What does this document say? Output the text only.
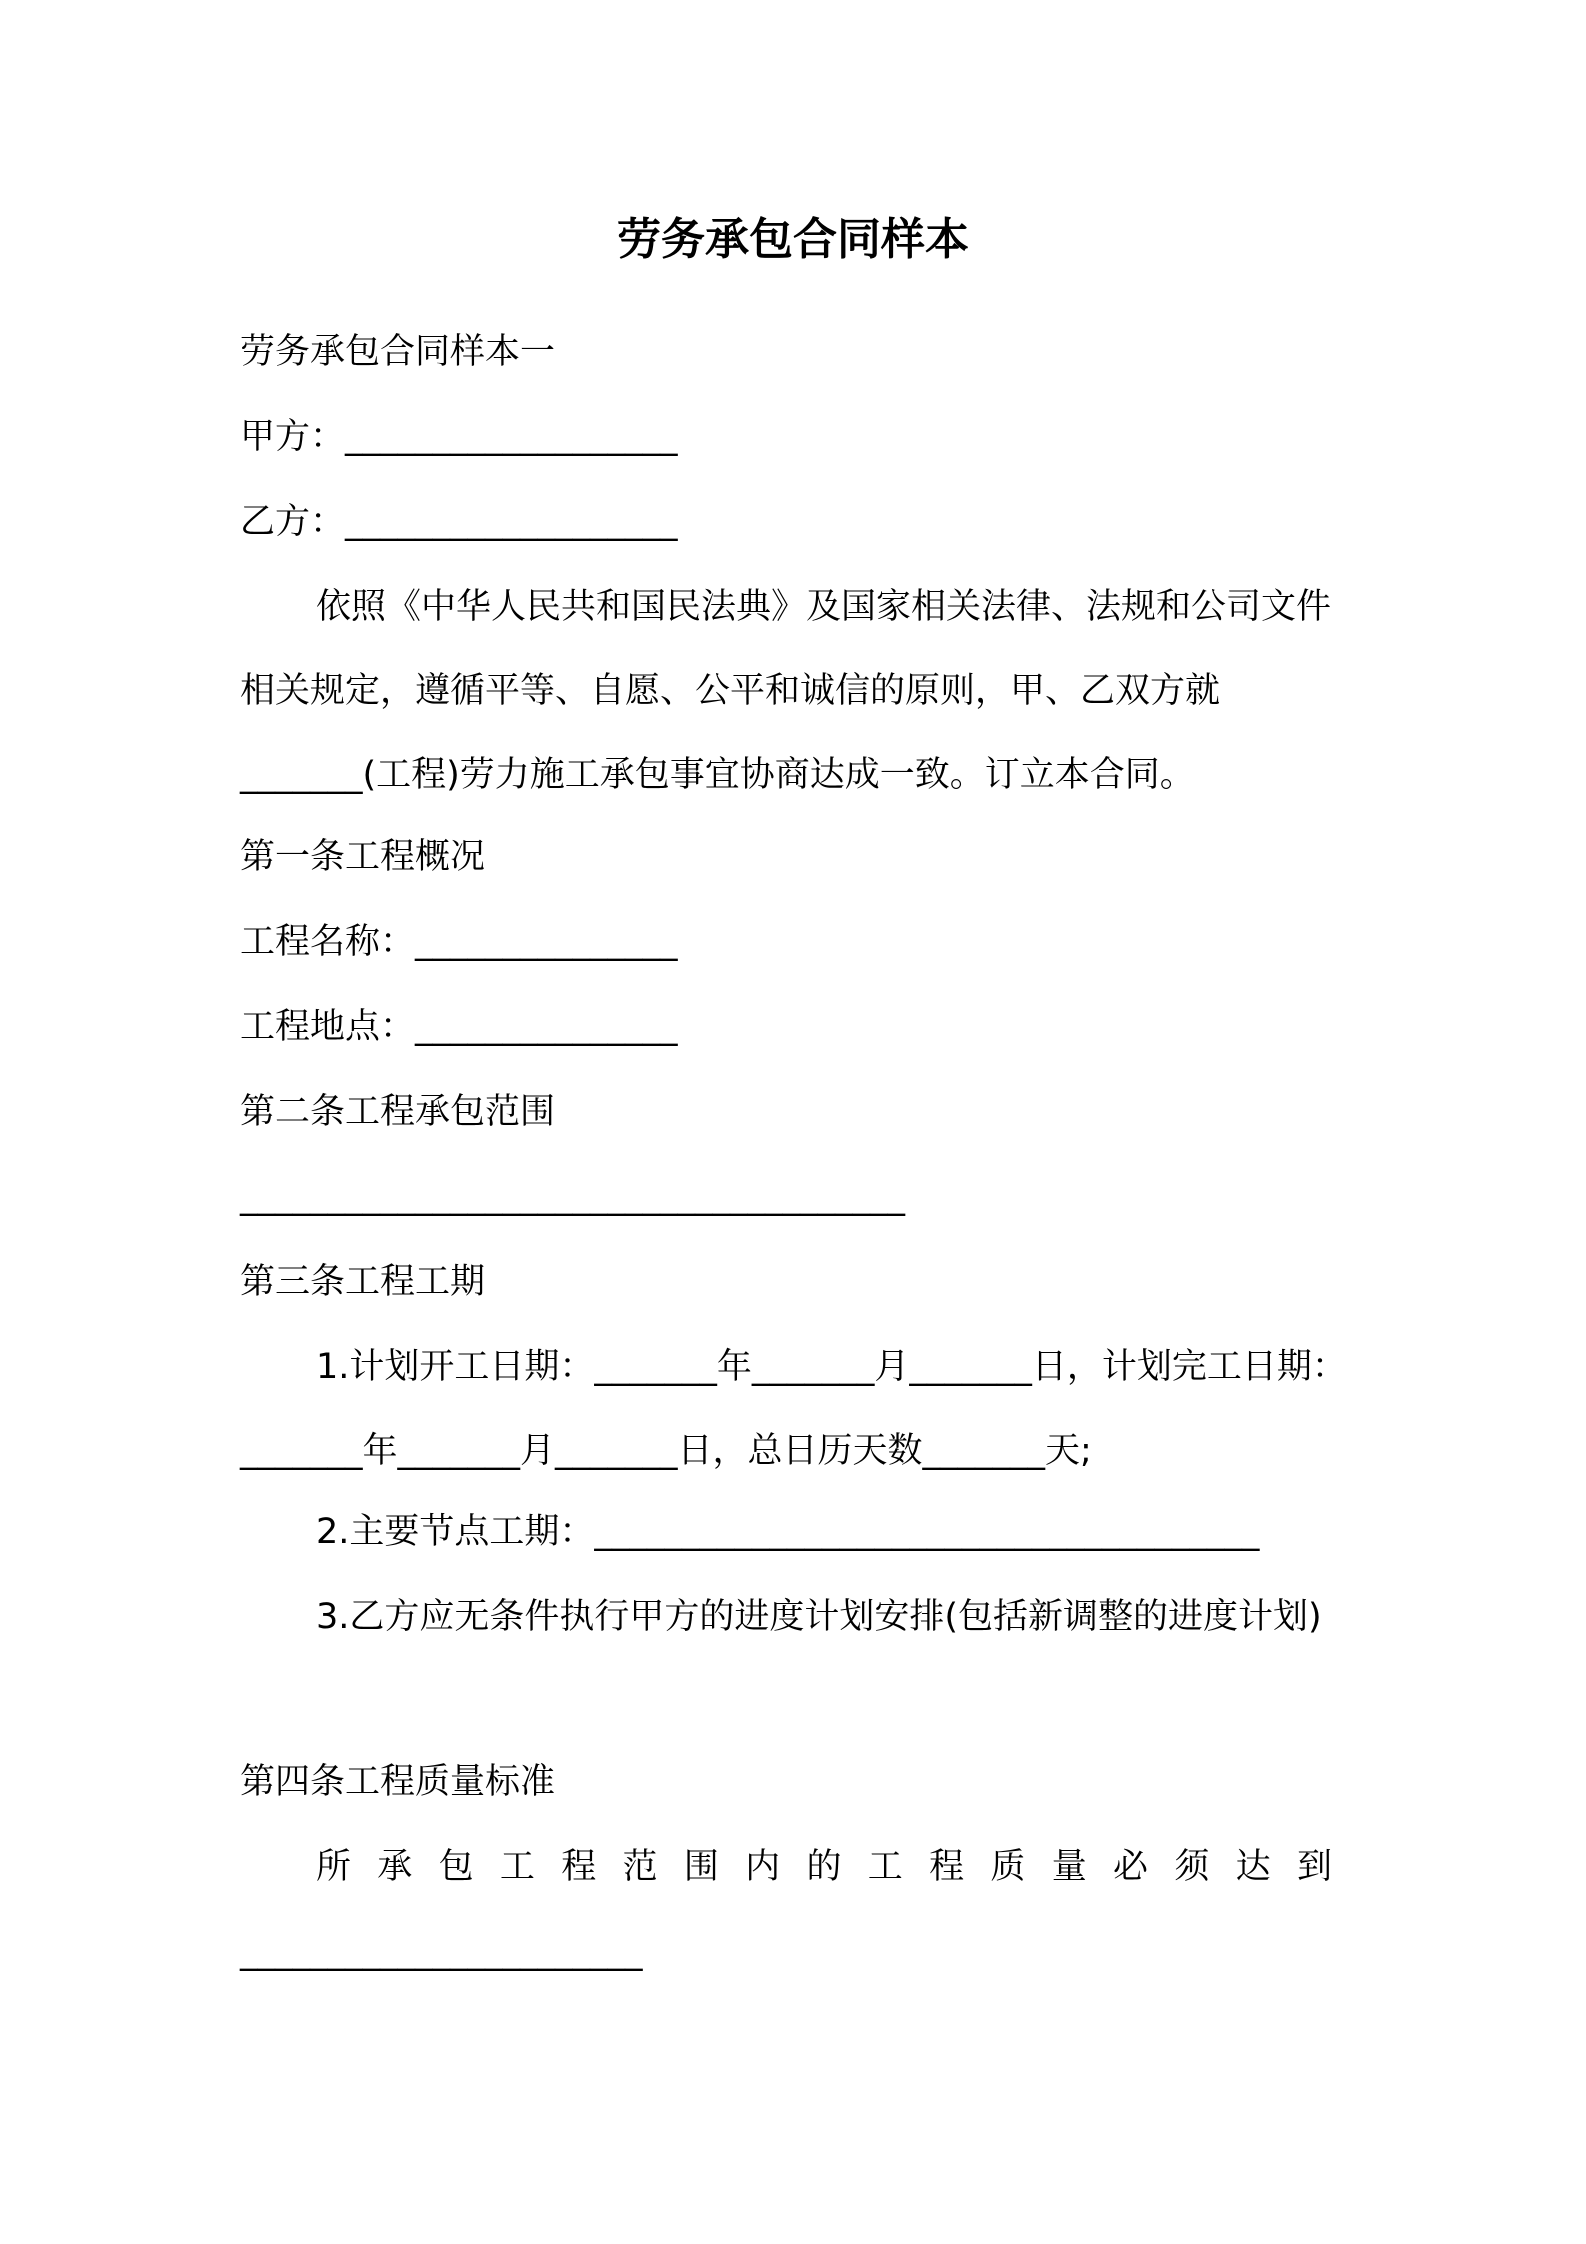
劳务承包合同样本

劳务承包合同样本一

甲方：___________________

乙方：___________________

依照《中华人民共和国民法典》及国家相关法律、法规和公司文件相关规定，遵循平等、自愿、公平和诚信的原则，甲、乙双方就_______(工程)劳力施工承包事宜协商达成一致。订立本合同。

第一条工程概况

工程名称：_______________

工程地点：_______________

第二条工程承包范围

______________________________________

第三条工程工期

1.计划开工日期：_______年_______月_______日，计划完工日期：_______年_______月_______日，总日历天数_______天;

2.主要节点工期：______________________________________

3.乙方应无条件执行甲方的进度计划安排(包括新调整的进度计划)

第四条工程质量标准

所承包工程范围内的工程质量必须达到

_______________________
